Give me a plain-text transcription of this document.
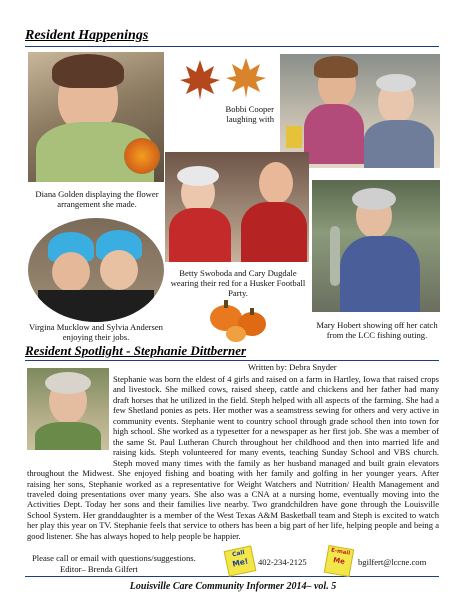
Resident Happenings
Diana Golden displaying the flower arrangement she made.
Bobbi Cooper laughing with
Betty Swoboda and Cary Dugdale wearing their red for a Husker Football Party.
Mary Hobert showing off her catch from the LCC fishing outing.
Virgina Mucklow and Sylvia Andersen enjoying their jobs.
Resident Spotlight - Stephanie Dittberner
Written by: Debra Snyder
Stephanie was born the eldest of 4 girls and raised on a farm in Hartley, Iowa that raised crops and livestock. She milked cows, raised sheep, cattle and chickens and her father had many draft horses that he utilized in the field. Steph helped with all aspects of the farming. She had a few Shetland ponies as pets. Her mother was a seamstress sewing for others and very active in community events. Stephanie went to country school through grade school then into town for high school. She worked as a typesetter for a newspaper as her first job. She was a member of the same St. Paul Lutheran Church throughout her childhood and then into married life and raising kids. Steph volunteered for many events, teaching Sunday School and VBS church. Steph moved many times with the family as her husband managed and built grain elevators throughout the Midwest. She enjoyed fishing and boating with her family and golfing in her younger years. After raising her sons, Stephanie worked as a representative for Weight Watchers and Nutrition/ Health Management and traveled doing presentations over many years. She also was a CNA at a nursing home, eventually moving into the Activities Dept. Today her sons and their families live nearby. Two grandchildren have gone through the Louisville School System. Her granddaughter is a member of the West Texas A&M Basketball team and Steph is excited to watch her play this year on TV. Stephanie feels that service to others has been a big part of her life, helping people and being a good listener. She has always hoped to help people be happier.
Please call or email with questions/suggestions.
Editor– Brenda Gilfert
Call
Me!	402-234-2125
E-mail
Me	bgilfert@lccne.com
Louisville Care Community Informer 2014– vol. 5
